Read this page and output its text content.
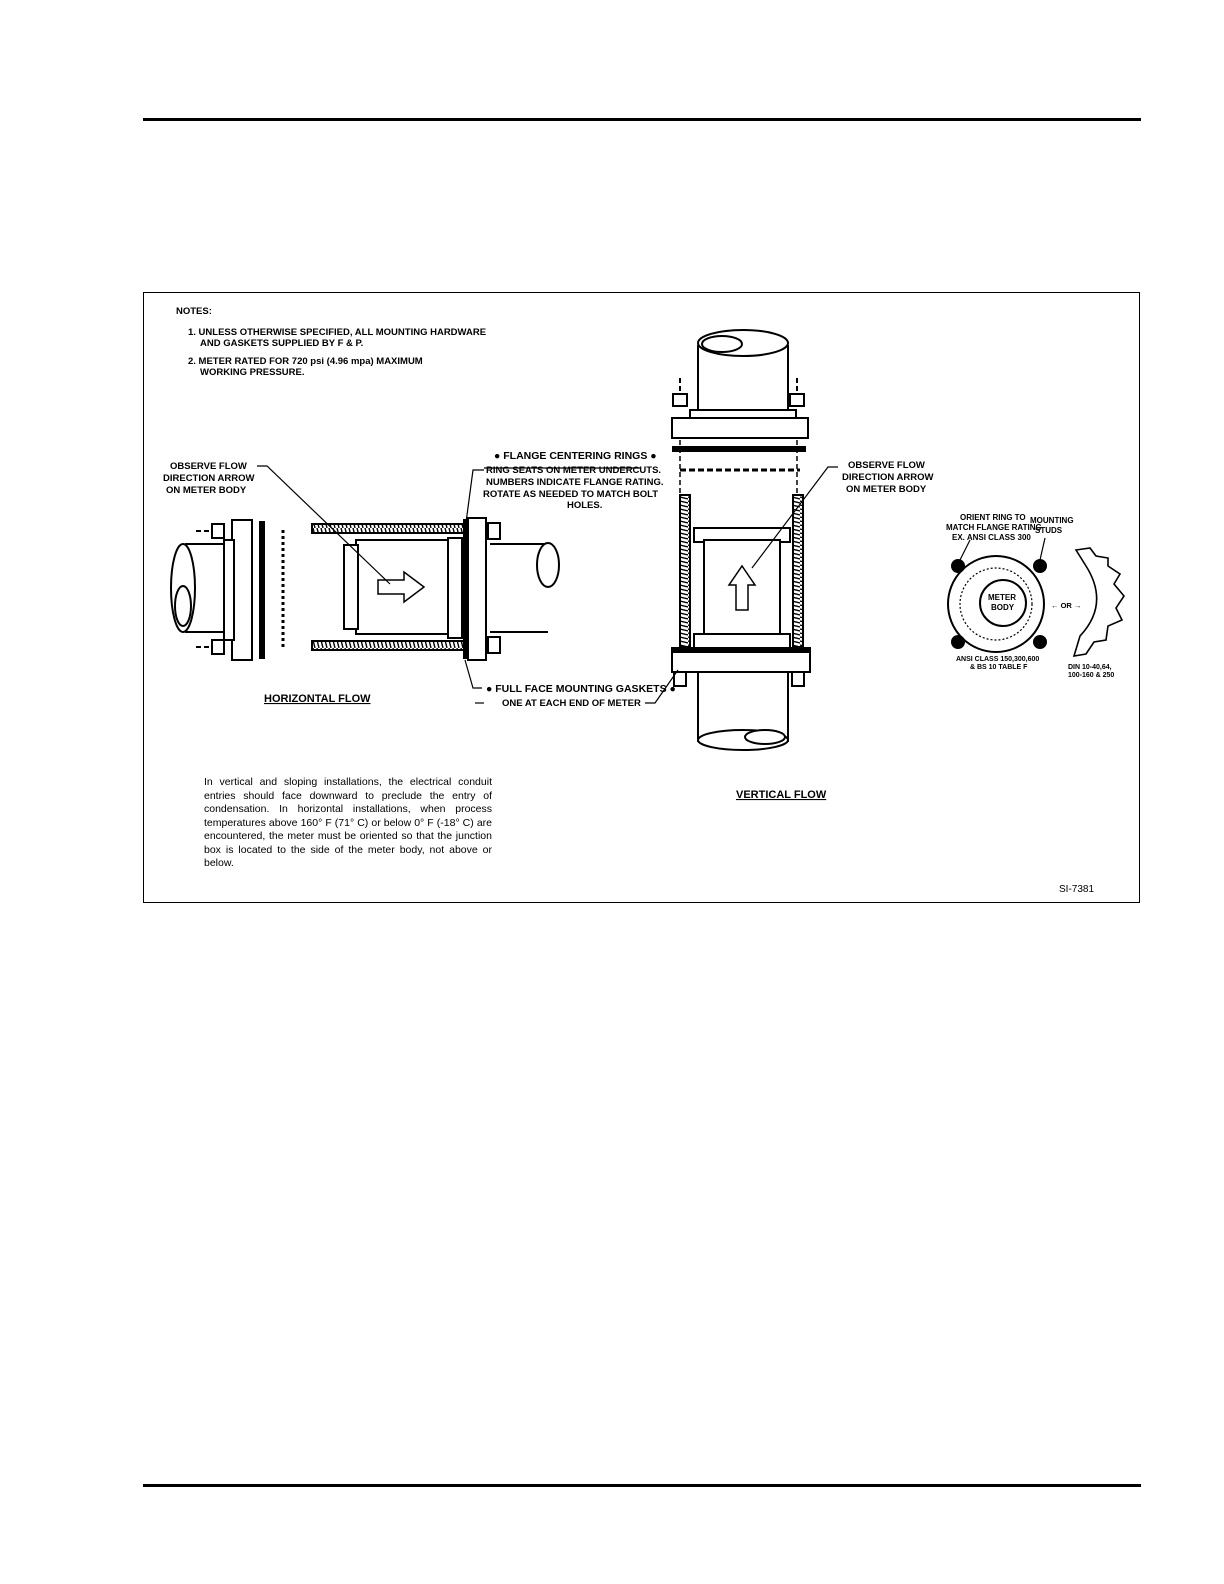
NOTES:
1. UNLESS OTHERWISE SPECIFIED, ALL MOUNTING HARDWARE
AND GASKETS SUPPLIED BY F & P.
2. METER RATED FOR 720 psi (4.96 mpa) MAXIMUM
WORKING PRESSURE.
OBSERVE FLOW
DIRECTION ARROW
ON METER BODY
● FLANGE CENTERING RINGS ●
RING SEATS ON METER UNDERCUTS.
NUMBERS INDICATE FLANGE RATING.
ROTATE AS NEEDED TO MATCH BOLT
HOLES.
OBSERVE FLOW
DIRECTION ARROW
ON METER BODY
● FULL FACE MOUNTING GASKETS ●
ONE AT EACH END OF METER
HORIZONTAL FLOW
VERTICAL FLOW
ORIENT RING TO
MATCH FLANGE RATING
EX. ANSI CLASS 300
MOUNTING
STUDS
METER
BODY	← OR →
ANSI CLASS 150,300,600
& BS 10 TABLE F	DIN 10-40,64,
100-160 & 250
In vertical and sloping installations, the electrical conduit entries should face downward to preclude the entry of condensation. In horizontal installations, when process temperatures above 160° F (71° C) or below 0° F (-18° C) are encountered, the meter must be oriented so that the junction box is located to the side of the meter body, not above or below.
SI-7381
